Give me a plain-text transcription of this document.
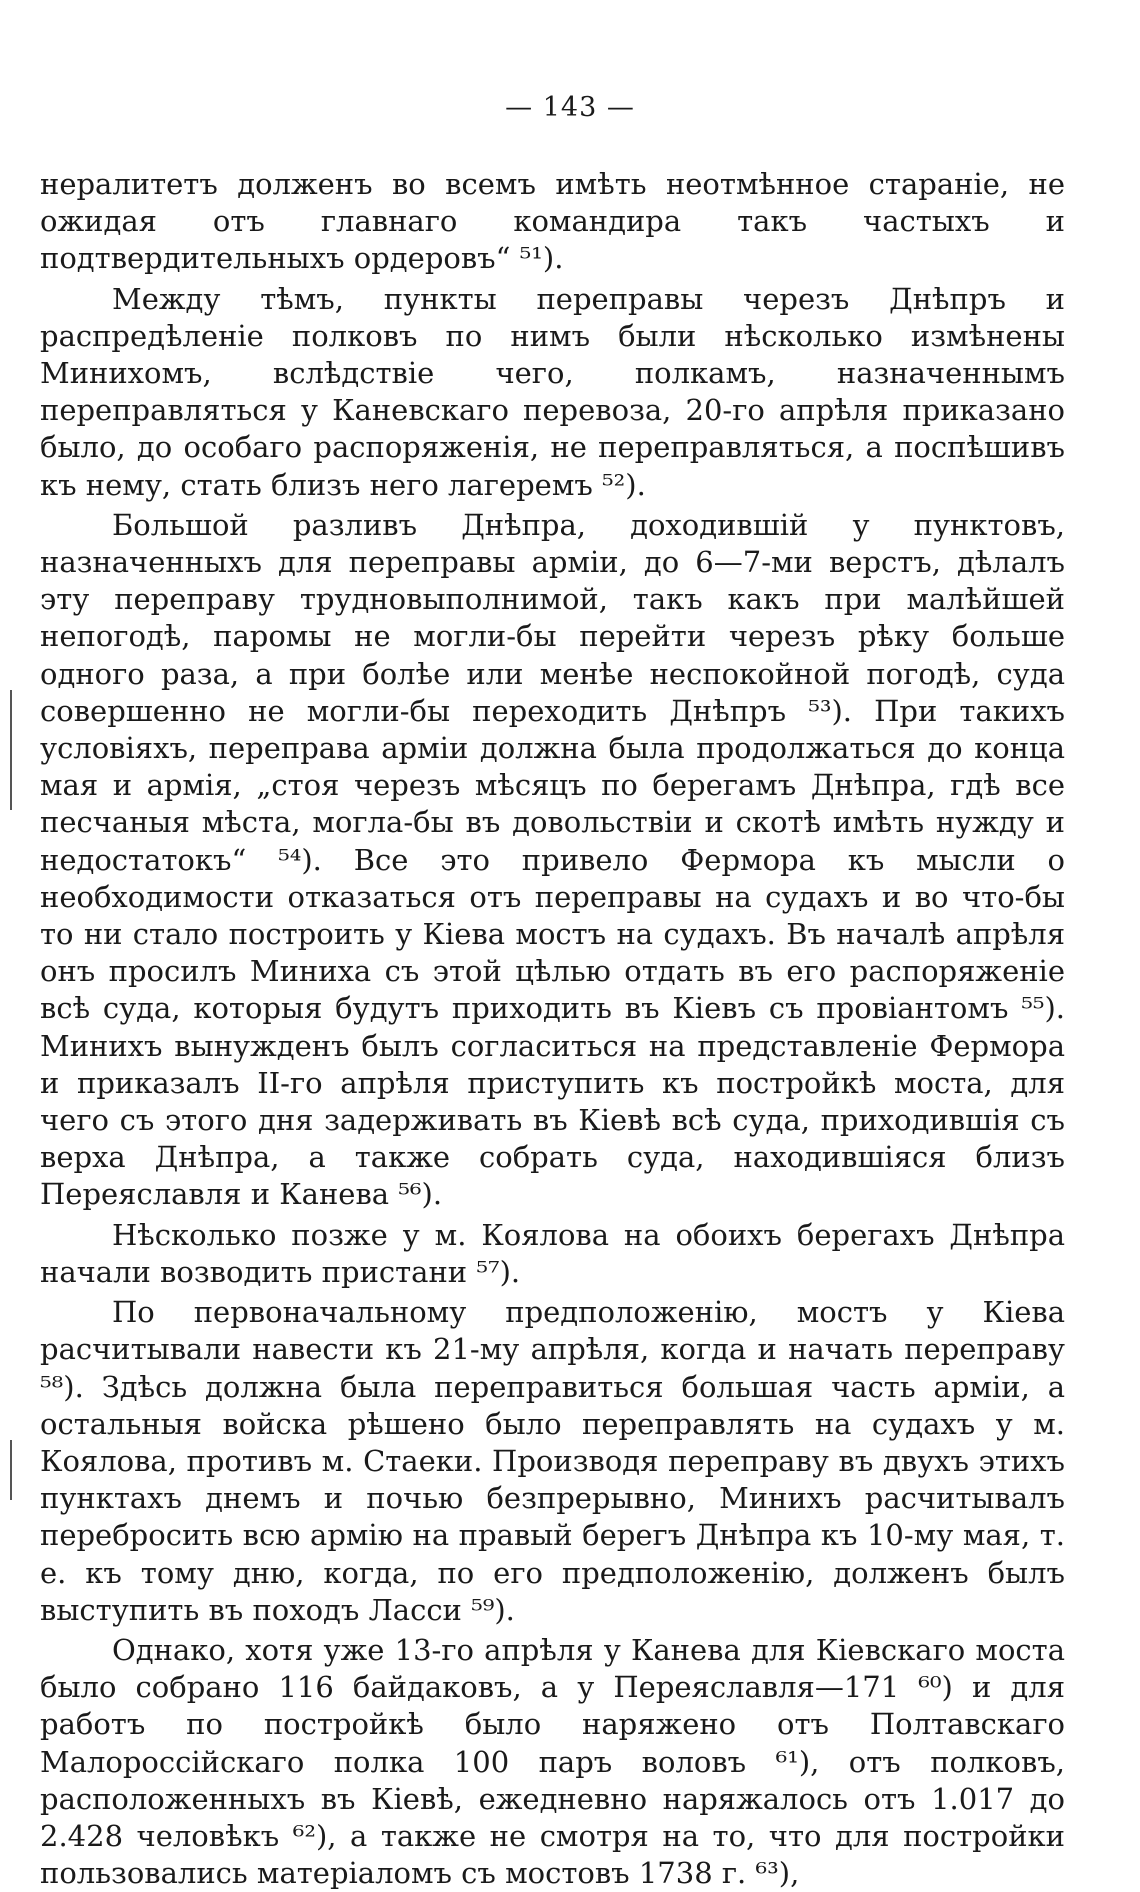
— 143 —

нералитетъ долженъ во всемъ имѣть неотмѣнное стараніе, не ожидая отъ главнаго командира такъ частыхъ и подтвердительныхъ ордеровъ“ ⁵¹).

Между тѣмъ, пункты переправы черезъ Днѣпръ и распредѣленіе полковъ по нимъ были нѣсколько измѣнены Минихомъ, вслѣдствіе чего, полкамъ, назначеннымъ переправляться у Каневскаго перевоза, 20-го апрѣля приказано было, до особаго распоряженія, не переправляться, а поспѣшивъ къ нему, стать близъ него лагеремъ ⁵²).

Большой разливъ Днѣпра, доходившій у пунктовъ, назначенныхъ для переправы арміи, до 6—7-ми верстъ, дѣлалъ эту переправу трудновыполнимой, такъ какъ при малѣйшей непогодѣ, паромы не могли-бы перейти черезъ рѣку больше одного раза, а при болѣе или менѣе неспокойной погодѣ, суда совершенно не могли-бы переходить Днѣпръ ⁵³). При такихъ условіяхъ, переправа арміи должна была продолжаться до конца мая и армія, „стоя черезъ мѣсяцъ по берегамъ Днѣпра, гдѣ все песчаныя мѣста, могла-бы въ довольствіи и скотѣ имѣть нужду и недостатокъ“ ⁵⁴). Все это привело Фермора къ мысли о необходимости отказаться отъ переправы на судахъ и во что-бы то ни стало построить у Кіева мостъ на судахъ. Въ началѣ апрѣля онъ просилъ Миниха съ этой цѣлью отдать въ его распоряженіе всѣ суда, которыя будутъ приходить въ Кіевъ съ провіантомъ ⁵⁵). Минихъ вынужденъ былъ согласиться на представленіе Фермора и приказалъ II-го апрѣля приступить къ постройкѣ моста, для чего съ этого дня задерживать въ Кіевѣ всѣ суда, приходившія съ верха Днѣпра, а также собрать суда, находившіяся близъ Переяславля и Канева ⁵⁶).

Нѣсколько позже у м. Коялова на обоихъ берегахъ Днѣпра начали возводить пристани ⁵⁷).

По первоначальному предположенію, мостъ у Кіева расчитывали навести къ 21-му апрѣля, когда и начать переправу ⁵⁸). Здѣсь должна была переправиться большая часть арміи, а остальныя войска рѣшено было переправлять на судахъ у м. Коялова, противъ м. Стаеки. Производя переправу въ двухъ этихъ пунктахъ днемъ и почью безпрерывно, Минихъ расчитывалъ перебросить всю армію на правый берегъ Днѣпра къ 10-му мая, т. е. къ тому дню, когда, по его предположенію, долженъ былъ выступить въ походъ Ласси ⁵⁹).

Однако, хотя уже 13-го апрѣля у Канева для Кіевскаго моста было собрано 116 байдаковъ, а у Переяславля—171 ⁶⁰) и для работъ по постройкѣ было наряжено отъ Полтавскаго Малороссійскаго полка 100 паръ воловъ ⁶¹), отъ полковъ, расположенныхъ въ Кіевѣ, ежедневно наряжалось отъ 1.017 до 2.428 человѣкъ ⁶²), а также не смотря на то, что для постройки пользовались матеріаломъ съ мостовъ 1738 г. ⁶³),
